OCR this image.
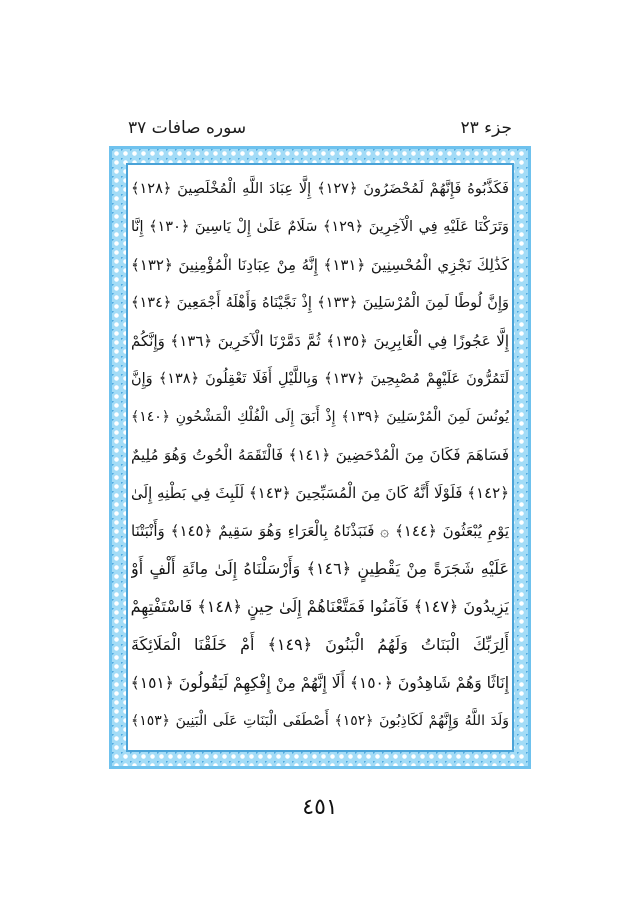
سوره صافات ٣٧	جزء ٢٣
فَكَذَّبُوهُ فَإِنَّهُمْ لَمُحْضَرُونَ ﴿١٢٧﴾ إِلَّا عِبَادَ اللَّهِ الْمُخْلَصِينَ ﴿١٢٨﴾
وَتَرَكْنَا عَلَيْهِ فِي الْآخِرِينَ ﴿١٢٩﴾ سَلَامٌ عَلَىٰ إِلْ يَاسِينَ ﴿١٣٠﴾ إِنَّا
كَذَٰلِكَ نَجْزِي الْمُحْسِنِينَ ﴿١٣١﴾ إِنَّهُ مِنْ عِبَادِنَا الْمُؤْمِنِينَ ﴿١٣٢﴾
وَإِنَّ لُوطًا لَمِنَ الْمُرْسَلِينَ ﴿١٣٣﴾ إِذْ نَجَّيْنَاهُ وَأَهْلَهُ أَجْمَعِينَ ﴿١٣٤﴾
إِلَّا عَجُوزًا فِي الْغَابِرِينَ ﴿١٣٥﴾ ثُمَّ دَمَّرْنَا الْآخَرِينَ ﴿١٣٦﴾ وَإِنَّكُمْ
لَتَمُرُّونَ عَلَيْهِمْ مُصْبِحِينَ ﴿١٣٧﴾ وَبِاللَّيْلِ أَفَلَا تَعْقِلُونَ ﴿١٣٨﴾ وَإِنَّ
يُونُسَ لَمِنَ الْمُرْسَلِينَ ﴿١٣٩﴾ إِذْ أَبَقَ إِلَى الْفُلْكِ الْمَشْحُونِ ﴿١٤٠﴾
فَسَاهَمَ فَكَانَ مِنَ الْمُدْحَضِينَ ﴿١٤١﴾ فَالْتَقَمَهُ الْحُوتُ وَهُوَ مُلِيمٌ
﴿١٤٢﴾ فَلَوْلَا أَنَّهُ كَانَ مِنَ الْمُسَبِّحِينَ ﴿١٤٣﴾ لَلَبِثَ فِي بَطْنِهِ إِلَىٰ
يَوْمِ يُبْعَثُونَ ﴿١٤٤﴾ ۞ فَنَبَذْنَاهُ بِالْعَرَاءِ وَهُوَ سَقِيمٌ ﴿١٤٥﴾ وَأَنْبَتْنَا
عَلَيْهِ شَجَرَةً مِنْ يَقْطِينٍ ﴿١٤٦﴾ وَأَرْسَلْنَاهُ إِلَىٰ مِائَةِ أَلْفٍ أَوْ
يَزِيدُونَ ﴿١٤٧﴾ فَآمَنُوا فَمَتَّعْنَاهُمْ إِلَىٰ حِينٍ ﴿١٤٨﴾ فَاسْتَفْتِهِمْ
أَلِرَبِّكَ الْبَنَاتُ وَلَهُمُ الْبَنُونَ ﴿١٤٩﴾ أَمْ خَلَقْنَا الْمَلَائِكَةَ
إِنَاثًا وَهُمْ شَاهِدُونَ ﴿١٥٠﴾ أَلَا إِنَّهُمْ مِنْ إِفْكِهِمْ لَيَقُولُونَ ﴿١٥١﴾
وَلَدَ اللَّهُ وَإِنَّهُمْ لَكَاذِبُونَ ﴿١٥٢﴾ أَصْطَفَى الْبَنَاتِ عَلَى الْبَنِينَ ﴿١٥٣﴾
٤٥١
